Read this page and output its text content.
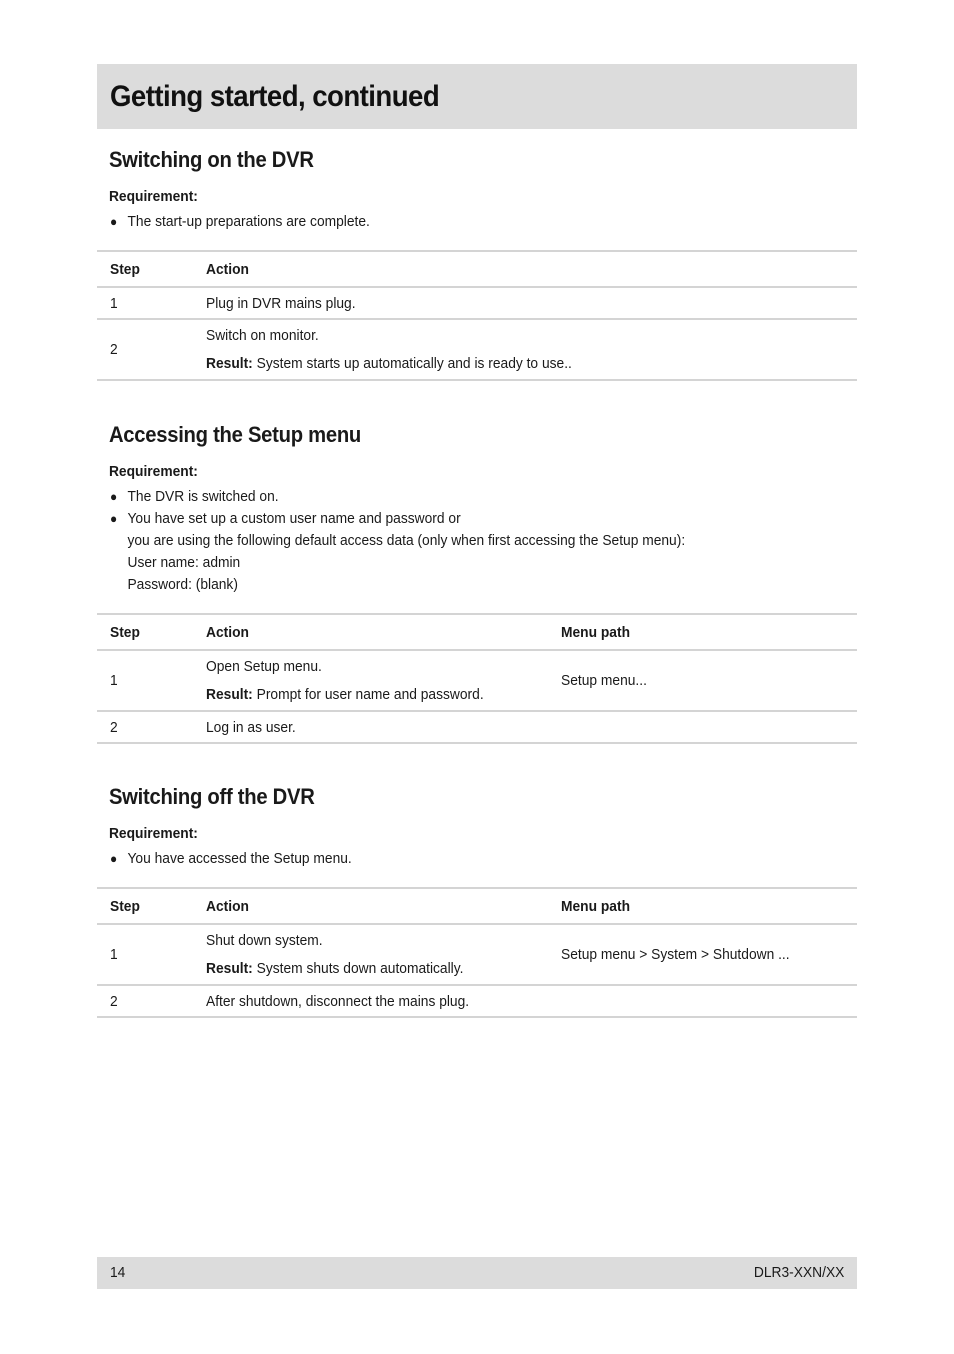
Getting started, continued
Switching on the DVR
Requirement:
● The start-up preparations are complete.
Step	Action

1	Plug in DVR mains plug.

2	Switch on monitor.
Result: System starts up automatically and is ready to use..
Accessing the Setup menu
Requirement:
● The DVR is switched on.
● You have set up a custom user name and password or
you are using the following default access data (only when first accessing the Setup menu):
User name: admin
Password: (blank)
Step	Action	Menu path

1	Open Setup menu.
Result: Prompt for user name and password.	Setup menu...

2	Log in as user.	

Switching off the DVR
Requirement:
● You have accessed the Setup menu.
Step	Action	Menu path

1	Shut down system.
Result: System shuts down automatically.	Setup menu > System > Shutdown ...

2	After shutdown, disconnect the mains plug.	

14	DLR3-XXN/XX
